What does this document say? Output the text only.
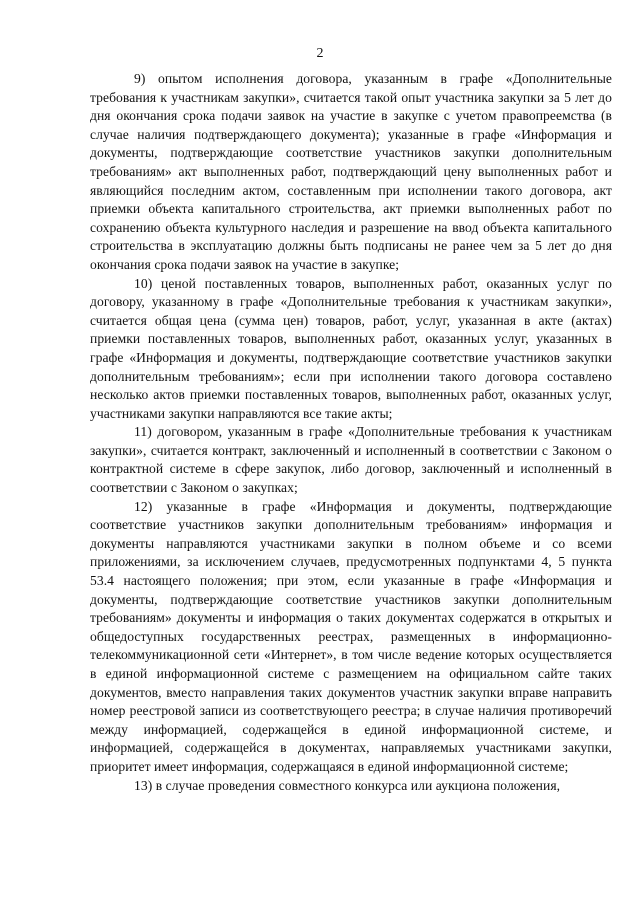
2

9) опытом исполнения договора, указанным в графе «Дополнительные требования к участникам закупки», считается такой опыт участника закупки за 5 лет до дня окончания срока подачи заявок на участие в закупке с учетом правопреемства (в случае наличия подтверждающего документа); указанные в графе «Информация и документы, подтверждающие соответствие участников закупки дополнительным требованиям» акт выполненных работ, подтверждающий цену выполненных работ и являющийся последним актом, составленным при исполнении такого договора, акт приемки объекта капитального строительства, акт приемки выполненных работ по сохранению объекта культурного наследия и разрешение на ввод объекта капитального строительства в эксплуатацию должны быть подписаны не ранее чем за 5 лет до дня окончания срока подачи заявок на участие в закупке;

10) ценой поставленных товаров, выполненных работ, оказанных услуг по договору, указанному в графе «Дополнительные требования к участникам закупки», считается общая цена (сумма цен) товаров, работ, услуг, указанная в акте (актах) приемки поставленных товаров, выполненных работ, оказанных услуг, указанных в графе «Информация и документы, подтверждающие соответствие участников закупки дополнительным требованиям»; если при исполнении такого договора составлено несколько актов приемки поставленных товаров, выполненных работ, оказанных услуг, участниками закупки направляются все такие акты;

11) договором, указанным в графе «Дополнительные требования к участникам закупки», считается контракт, заключенный и исполненный в соответствии с Законом о контрактной системе в сфере закупок, либо договор, заключенный и исполненный в соответствии с Законом о закупках;

12) указанные в графе «Информация и документы, подтверждающие соответствие участников закупки дополнительным требованиям» информация и документы направляются участниками закупки в полном объеме и со всеми приложениями, за исключением случаев, предусмотренных подпунктами 4, 5 пункта 53.4 настоящего положения; при этом, если указанные в графе «Информация и документы, подтверждающие соответствие участников закупки дополнительным требованиям» документы и информация о таких документах содержатся в открытых и общедоступных государственных реестрах, размещенных в информационно-телекоммуникационной сети «Интернет», в том числе ведение которых осуществляется в единой информационной системе с размещением на официальном сайте таких документов, вместо направления таких документов участник закупки вправе направить номер реестровой записи из соответствующего реестра; в случае наличия противоречий между информацией, содержащейся в единой информационной системе, и информацией, содержащейся в документах, направляемых участниками закупки, приоритет имеет информация, содержащаяся в единой информационной системе;

13) в случае проведения совместного конкурса или аукциона положения,
